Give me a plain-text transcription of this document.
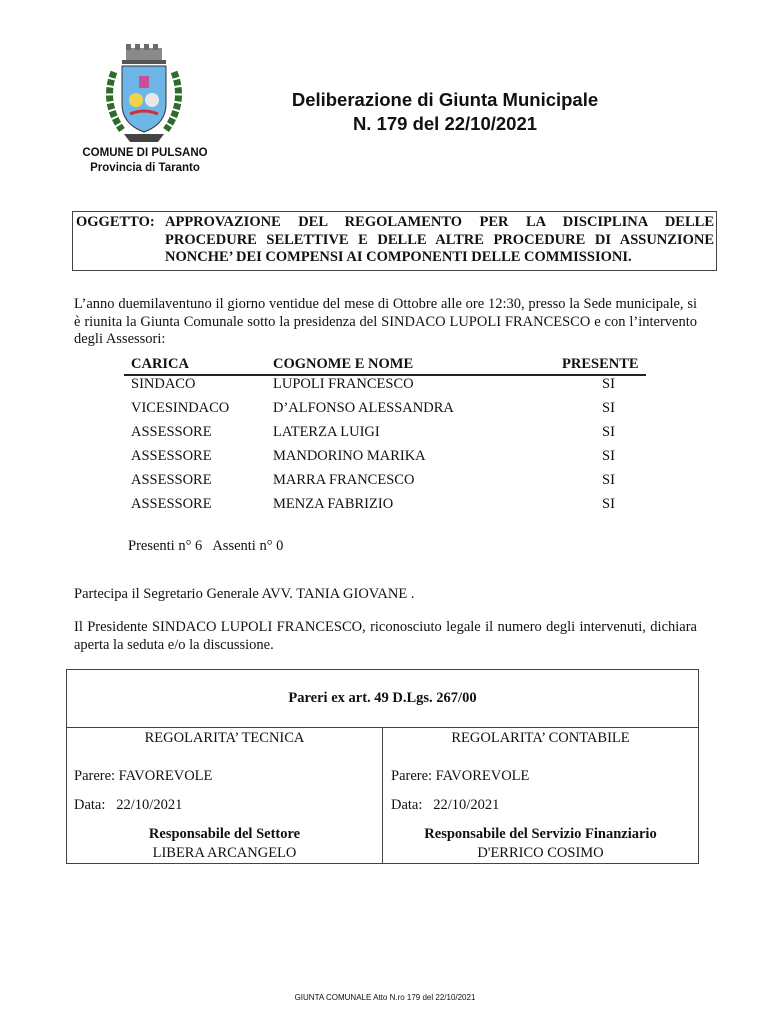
COMUNE DI PULSANO
Provincia di Taranto
Deliberazione di Giunta Municipale
N. 179 del 22/10/2021
OGGETTO: APPROVAZIONE DEL REGOLAMENTO PER LA DISCIPLINA DELLE PROCEDURE SELETTIVE E DELLE ALTRE PROCEDURE DI ASSUNZIONE NONCHE’ DEI COMPENSI AI COMPONENTI DELLE COMMISSIONI.
L’anno duemilaventuno il giorno ventidue del mese di Ottobre alle ore 12:30, presso la Sede municipale, si è riunita la Giunta Comunale sotto la presidenza del SINDACO LUPOLI FRANCESCO e con l’intervento degli Assessori:
CARICA	COGNOME E NOME	PRESENTE
SINDACO	LUPOLI FRANCESCO	SI
VICESINDACO	D’ALFONSO ALESSANDRA	SI
ASSESSORE	LATERZA LUIGI	SI
ASSESSORE	MANDORINO MARIKA	SI
ASSESSORE	MARRA FRANCESCO	SI
ASSESSORE	MENZA FABRIZIO	SI
Presenti n° 6   Assenti n° 0
Partecipa il Segretario Generale AVV. TANIA GIOVANE .
Il Presidente SINDACO LUPOLI FRANCESCO, riconosciuto legale il numero degli intervenuti, dichiara aperta la seduta e/o la discussione.
Pareri ex art. 49 D.Lgs. 267/00
REGOLARITA’ TECNICA
Parere: FAVOREVOLE
Data:   22/10/2021
Responsabile del Settore
LIBERA ARCANGELO
REGOLARITA’ CONTABILE
Parere: FAVOREVOLE
Data:   22/10/2021
Responsabile del Servizio Finanziario
D'ERRICO COSIMO
GIUNTA COMUNALE Atto N.ro 179 del 22/10/2021
